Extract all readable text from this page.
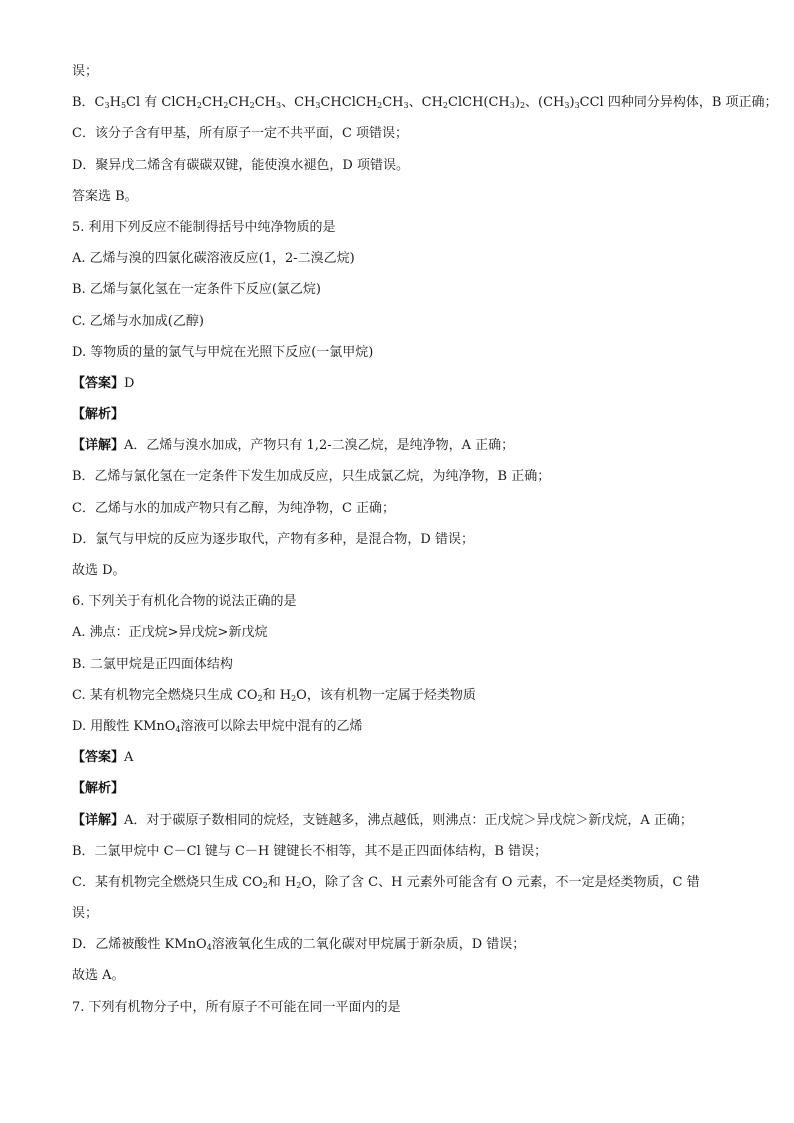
误；
B．$C_3H_5Cl$ 有 $ClCH_2CH_2CH_2CH_3$、$CH_3CHClCH_2CH_3$、$CH_2ClCH(CH_3)_2$、$(CH_3)_3CCl$ 四种同分异构体，B 项正确；
C．该分子含有甲基，所有原子一定不共平面，C 项错误；
D．聚异戊二烯含有碳碳双键，能使溴水褪色，D 项错误。
答案选 B。
5. 利用下列反应不能制得括号中纯净物质的是
A. 乙烯与溴的四氯化碳溶液反应(1，2-二溴乙烷)
B. 乙烯与氯化氢在一定条件下反应(氯乙烷)
C. 乙烯与水加成(乙醇)
D. 等物质的量的氯气与甲烷在光照下反应(一氯甲烷)
【答案】D
【解析】
【详解】A．乙烯与溴水加成，产物只有 1,2-二溴乙烷，是纯净物，A 正确；
B．乙烯与氯化氢在一定条件下发生加成反应，只生成氯乙烷，为纯净物，B 正确；
C．乙烯与水的加成产物只有乙醇，为纯净物，C 正确；
D．氯气与甲烷的反应为逐步取代，产物有多种，是混合物，D 错误；
故选 D。
6. 下列关于有机化合物的说法正确的是
A. 沸点：正戊烷>异戊烷>新戊烷
B. 二氯甲烷是正四面体结构
C. 某有机物完全燃烧只生成 $CO_2$和 $H_2O$，该有机物一定属于烃类物质
D. 用酸性 KMnO$_4$溶液可以除去甲烷中混有的乙烯
【答案】A
【解析】
【详解】A．对于碳原子数相同的烷烃，支链越多，沸点越低，则沸点：正戊烷＞异戊烷＞新戊烷，A 正确；
B．二氯甲烷中 C－Cl 键与 C－H 键键长不相等，其不是正四面体结构，B 错误；
C．某有机物完全燃烧只生成 $CO_2$和 $H_2O$，除了含 C、H 元素外可能含有 O 元素，不一定是烃类物质，C 错
误；
D．乙烯被酸性 KMnO$_4$溶液氧化生成的二氧化碳对甲烷属于新杂质，D 错误；
故选 A。
7. 下列有机物分子中，所有原子不可能在同一平面内的是
